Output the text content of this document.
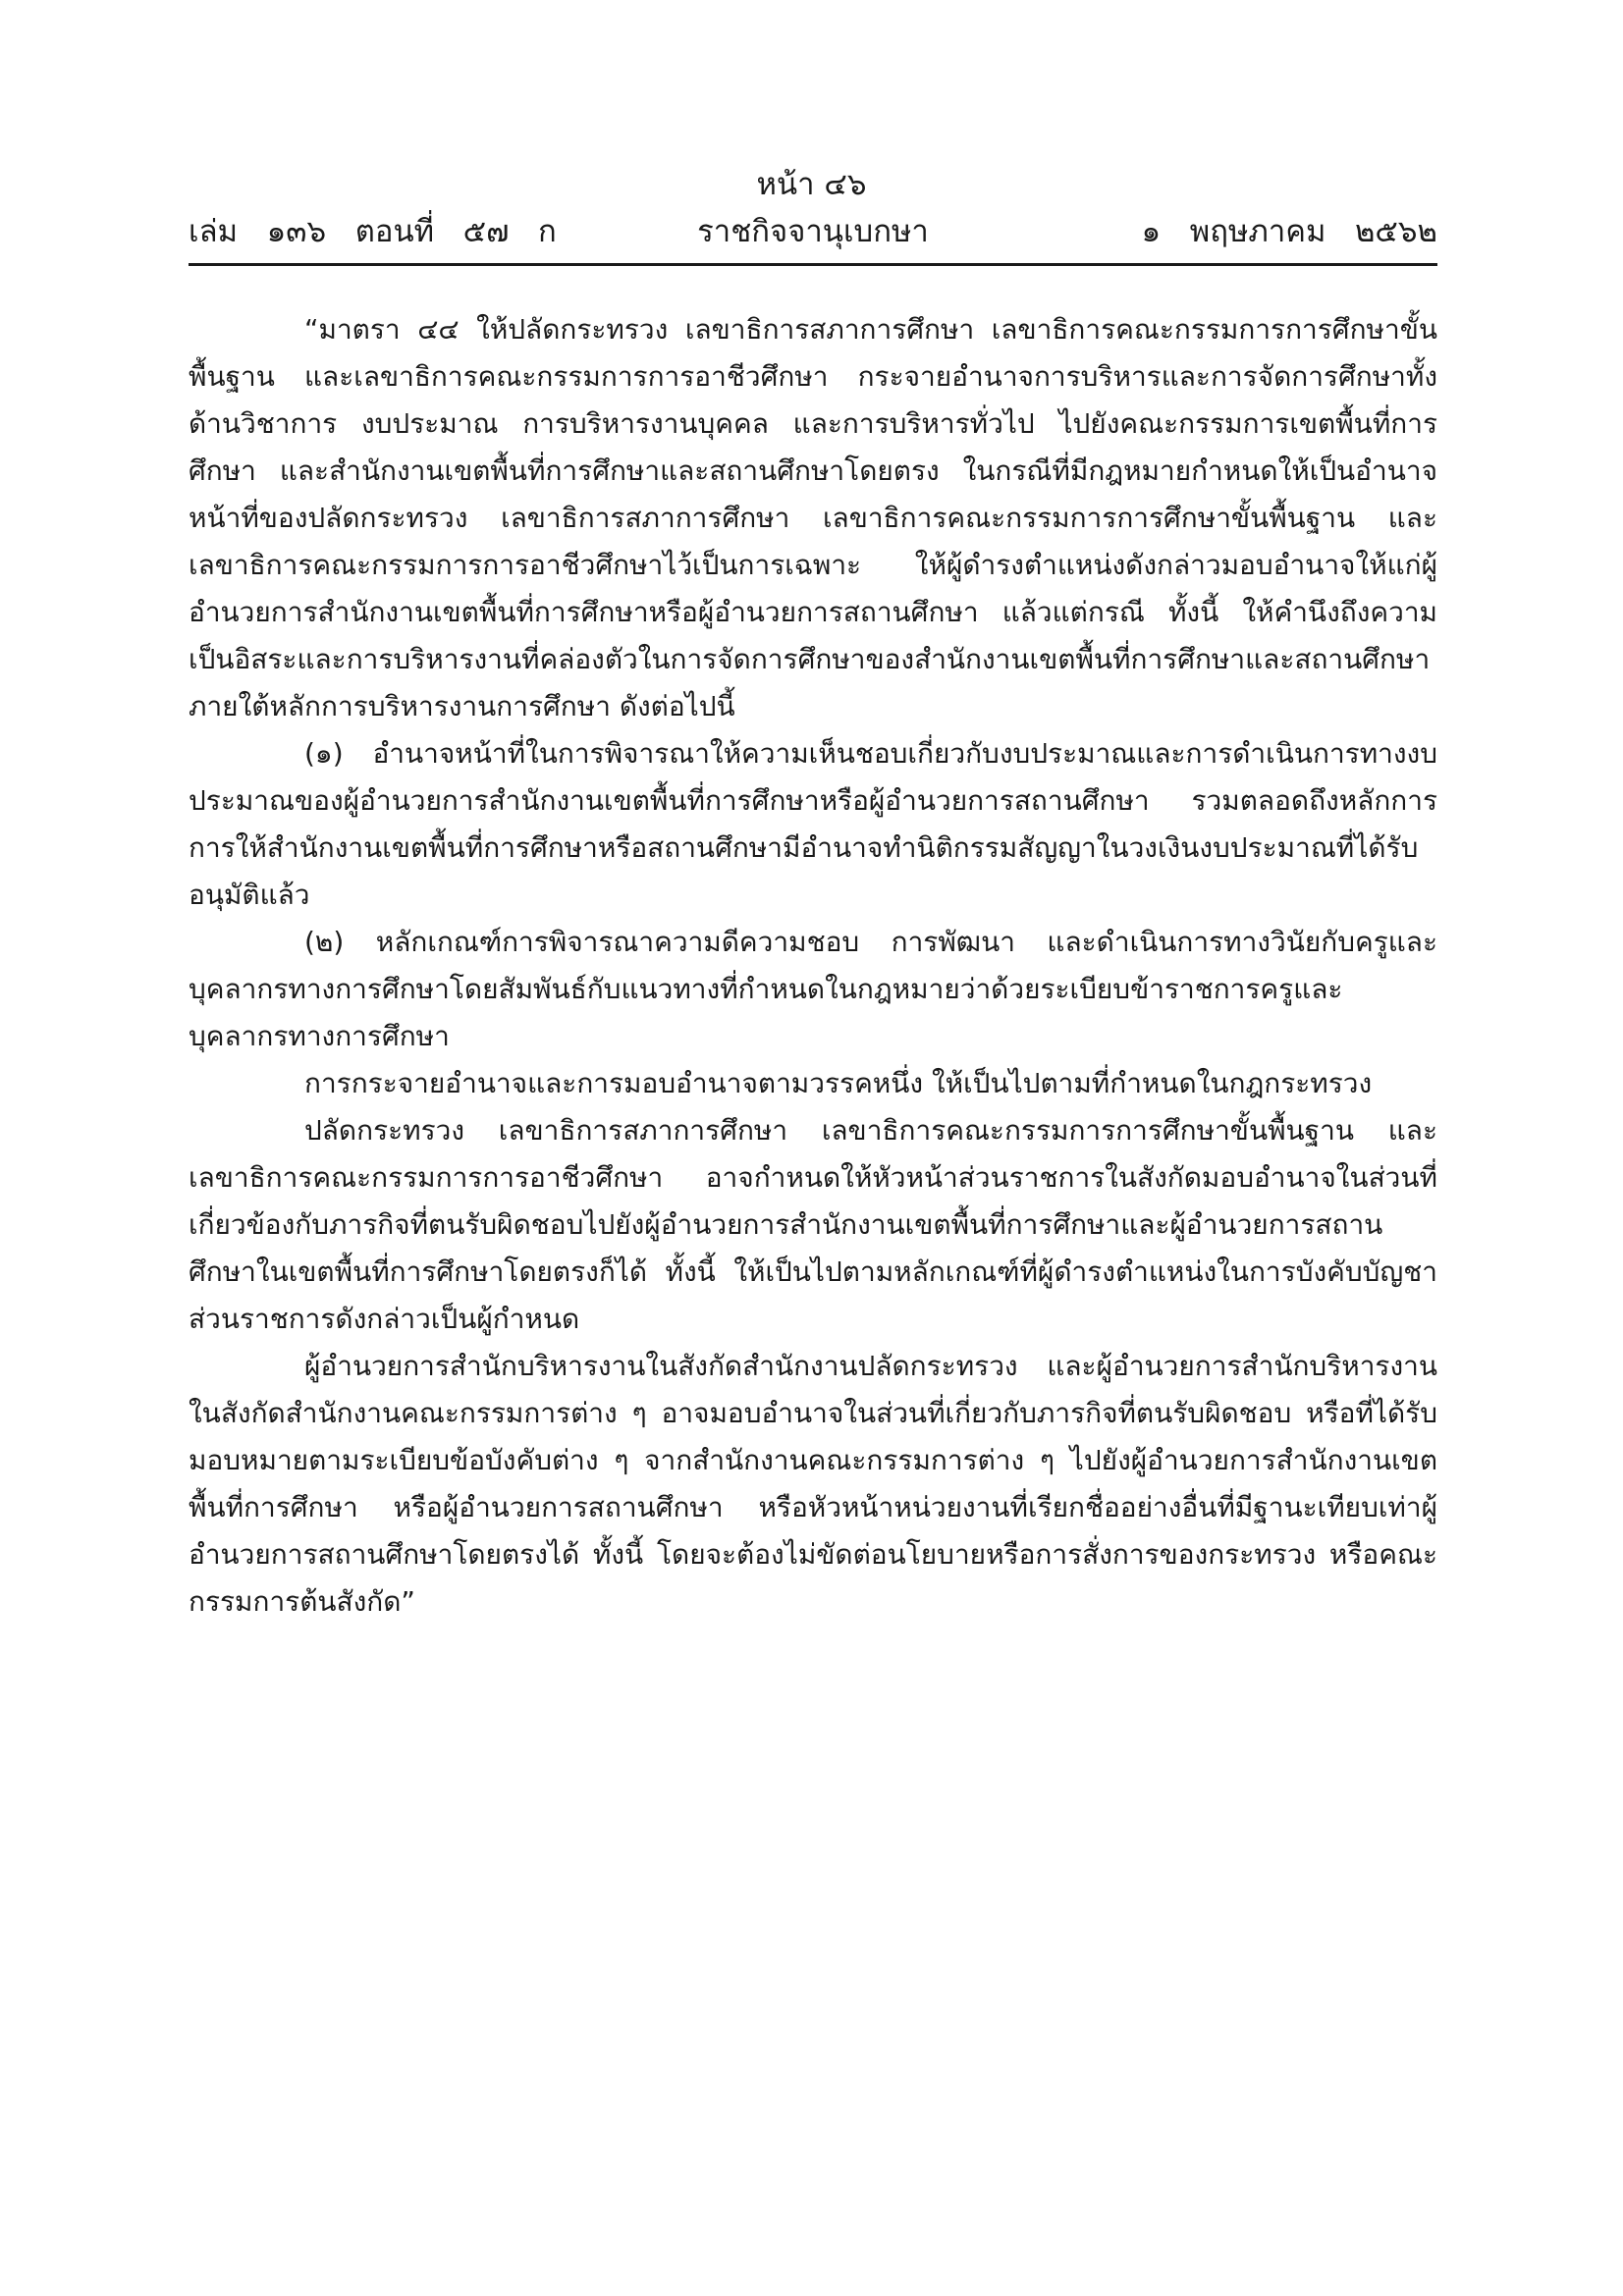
หน้า ๔๖
ราชกิจจานุเบกษา
เล่ม   ๑๓๖   ตอนที่   ๕๗   ก	๑   พฤษภาคม   ๒๕๖๒

“มาตรา ๔๔ ให้ปลัดกระทรวง เลขาธิการสภาการศึกษา เลขาธิการคณะกรรมการการศึกษาขั้นพื้นฐาน และเลขาธิการคณะกรรมการการอาชีวศึกษา กระจายอำนาจการบริหารและการจัดการศึกษาทั้งด้านวิชาการ งบประมาณ การบริหารงานบุคคล และการบริหารทั่วไป ไปยังคณะกรรมการเขตพื้นที่การศึกษา และสำนักงานเขตพื้นที่การศึกษาและสถานศึกษาโดยตรง ในกรณีที่มีกฎหมายกำหนดให้เป็นอำนาจหน้าที่ของปลัดกระทรวง เลขาธิการสภาการศึกษา เลขาธิการคณะกรรมการการศึกษาขั้นพื้นฐาน และเลขาธิการคณะกรรมการการอาชีวศึกษาไว้เป็นการเฉพาะ ให้ผู้ดำรงตำแหน่งดังกล่าวมอบอำนาจให้แก่ผู้อำนวยการสำนักงานเขตพื้นที่การศึกษาหรือผู้อำนวยการสถานศึกษา แล้วแต่กรณี ทั้งนี้ ให้คำนึงถึงความเป็นอิสระและการบริหารงานที่คล่องตัวในการจัดการศึกษาของสำนักงานเขตพื้นที่การศึกษาและสถานศึกษา ภายใต้หลักการบริหารงานการศึกษา ดังต่อไปนี้

(๑) อำนาจหน้าที่ในการพิจารณาให้ความเห็นชอบเกี่ยวกับงบประมาณและการดำเนินการทางงบประมาณของผู้อำนวยการสำนักงานเขตพื้นที่การศึกษาหรือผู้อำนวยการสถานศึกษา รวมตลอดถึงหลักการการให้สำนักงานเขตพื้นที่การศึกษาหรือสถานศึกษามีอำนาจทำนิติกรรมสัญญาในวงเงินงบประมาณที่ได้รับอนุมัติแล้ว

(๒) หลักเกณฑ์การพิจารณาความดีความชอบ การพัฒนา และดำเนินการทางวินัยกับครูและบุคลากรทางการศึกษาโดยสัมพันธ์กับแนวทางที่กำหนดในกฎหมายว่าด้วยระเบียบข้าราชการครูและบุคลากรทางการศึกษา

การกระจายอำนาจและการมอบอำนาจตามวรรคหนึ่ง ให้เป็นไปตามที่กำหนดในกฎกระทรวง

ปลัดกระทรวง เลขาธิการสภาการศึกษา เลขาธิการคณะกรรมการการศึกษาขั้นพื้นฐาน และเลขาธิการคณะกรรมการการอาชีวศึกษา อาจกำหนดให้หัวหน้าส่วนราชการในสังกัดมอบอำนาจในส่วนที่เกี่ยวข้องกับภารกิจที่ตนรับผิดชอบไปยังผู้อำนวยการสำนักงานเขตพื้นที่การศึกษาและผู้อำนวยการสถานศึกษาในเขตพื้นที่การศึกษาโดยตรงก็ได้ ทั้งนี้ ให้เป็นไปตามหลักเกณฑ์ที่ผู้ดำรงตำแหน่งในการบังคับบัญชาส่วนราชการดังกล่าวเป็นผู้กำหนด

ผู้อำนวยการสำนักบริหารงานในสังกัดสำนักงานปลัดกระทรวง และผู้อำนวยการสำนักบริหารงานในสังกัดสำนักงานคณะกรรมการต่าง ๆ อาจมอบอำนาจในส่วนที่เกี่ยวกับภารกิจที่ตนรับผิดชอบ หรือที่ได้รับมอบหมายตามระเบียบข้อบังคับต่าง ๆ จากสำนักงานคณะกรรมการต่าง ๆ ไปยังผู้อำนวยการสำนักงานเขตพื้นที่การศึกษา หรือผู้อำนวยการสถานศึกษา หรือหัวหน้าหน่วยงานที่เรียกชื่ออย่างอื่นที่มีฐานะเทียบเท่าผู้อำนวยการสถานศึกษาโดยตรงได้ ทั้งนี้ โดยจะต้องไม่ขัดต่อนโยบายหรือการสั่งการของกระทรวง หรือคณะกรรมการต้นสังกัด”
